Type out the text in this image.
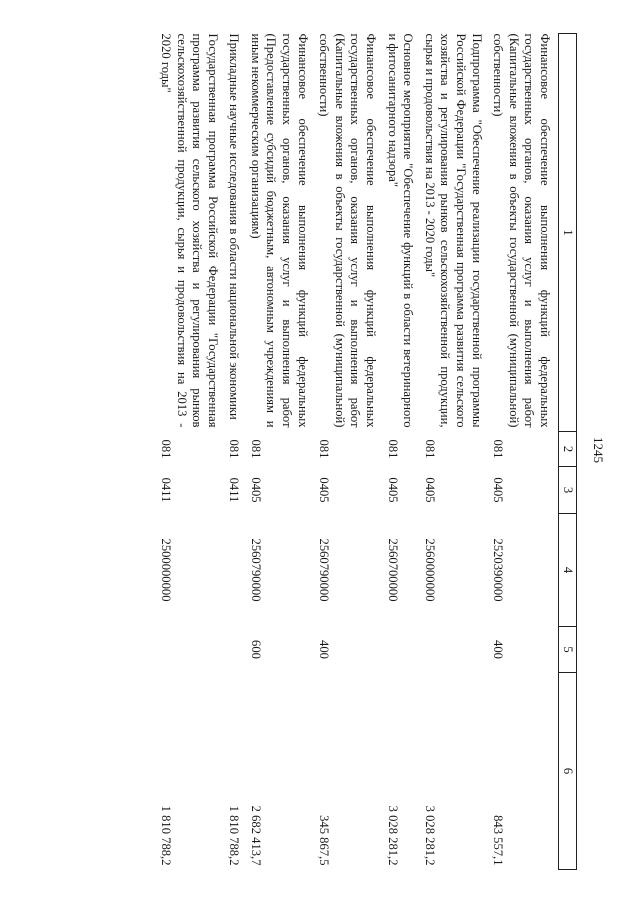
1245
1	2	3	4	5	6
Финансовое обеспечение выполнения функций федеральных государственных органов, оказания услуг и выполнения работ (Капитальные вложения в объекты государственной (муниципальной) собственности)	081	0405	2520390000	400	843 557,1
Подпрограмма "Обеспечение реализации государственной программы Российской Федерации "Государственная программа развития сельского хозяйства и регулирования рынков сельскохозяйственной продукции, сырья и продовольствия на 2013 - 2020 годы"	081	0405	2560000000		3 028 281,2
Основное мероприятие "Обеспечение функций в области ветеринарного и фитосанитарного надзора"	081	0405	2560700000		3 028 281,2
Финансовое обеспечение выполнения функций федеральных государственных органов, оказания услуг и выполнения работ (Капитальные вложения в объекты государственной (муниципальной) собственности)	081	0405	2560790000	400	345 867,5
Финансовое обеспечение выполнения функций федеральных государственных органов, оказания услуг и выполнения работ (Предоставление субсидий бюджетным, автономным учреждениям и иным некоммерческим организациям)	081	0405	2560790000	600	2 682 413,7
Прикладные научные исследования в области национальной экономики	081	0411			1 810 788,2
Государственная программа Российской Федерации "Государственная программа развития сельского хозяйства и регулирования рынков сельскохозяйственной продукции, сырья и продовольствия на 2013 - 2020 годы"	081	0411	2500000000		1 810 788,2
